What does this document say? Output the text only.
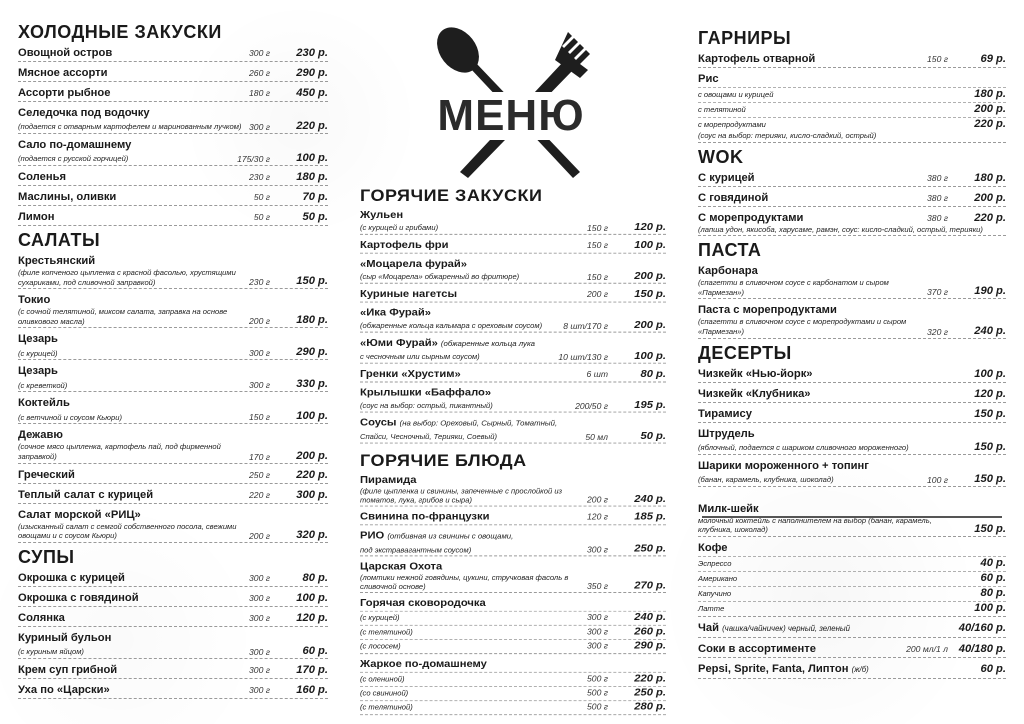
МЕНЮ
ХОЛОДНЫЕ ЗАКУСКИ
Овощной остров	300 г	230 р.
Мясное ассорти	260 г	290 р.
Ассорти рыбное	180 г	450 р.
Селедочка под водочку
(подается с отварным картофелем и маринованным лучком) 300 г	220 р.
Сало по-домашнему
(подается с русской горчицей)	175/30 г	100 р.
Соленья	230 г	180 р.
Маслины, оливки	50 г	70 р.
Лимон	50 г	50 р.
САЛАТЫ
Крестьянский
(филе копченого цыпленка с красной фасолью, хрустящими сухариками, под сливочной заправкой)	230 г	150 р.
Токио
(с сочной телятиной, миксом салата, заправка на основе оливкового масла)	200 г	180 р.
Цезарь
(с курицей)	300 г	290 р.
Цезарь
(с креветкой)	300 г	330 р.
Коктейль
(с ветчиной и соусом Кьюри)	150 г	100 р.
Дежавю
(сочное мясо цыпленка, картофель пай, под фирменной заправкой)	170 г	200 р.
Греческий	250 г	220 р.
Теплый салат с курицей	220 г	300 р.
Салат морской «РИЦ»
(изысканный салат с семгой собственного посола, свежими овощами и с соусом Кьюри)	200 г	320 р.
СУПЫ
Окрошка с курицей	300 г	80 р.
Окрошка с говядиной	300 г	100 р.
Солянка	300 г	120 р.
Куриный бульон
(с куриным яйцом)	300 г	60 р.
Крем суп грибной	300 г	170 р.
Уха по «Царски»	300 г	160 р.
ГОРЯЧИЕ ЗАКУСКИ
Жульен
(с курицей и грибами)	150 г	120 р.
Картофель фри	150 г	100 р.
«Моцарела фурай»
(сыр «Моцарела» обжаренный во фритюре)	150 г	200 р.
Куриные нагетсы	200 г	150 р.
«Ика Фурай»
(обжаренные кольца кальмара с ореховым соусом)	8 шт/170 г	200 р.
«Юми Фурай» (обжаренные кольца лука
с чесночным или сырным соусом)	10 шт/130 г	100 р.
Гренки «Хрустим»	6 шт	80 р.
Крылышки «Баффало»
(соус на выбор: острый, пикантный)	200/50 г	195 р.
Соусы (на выбор: Ореховый, Сырный, Томатный,
Спайси, Чесночный, Терияки, Соевый)	50 мл	50 р.
ГОРЯЧИЕ БЛЮДА
Пирамида
(филе цыпленка и свинины, запеченные с прослойкой из томатов, лука, грибов и сыра)	200 г	240 р.
Свинина по-французки	120 г	185 р.
РИО (отбивная из свинины с овощами,
под экстравагантным соусом)	300 г	250 р.
Царская Охота
(ломтики нежной говядины, цукини, стручковая фасоль в сливочной основе)	350 г	270 р.
Горячая сковородочка
(с курицей)	300 г	240 р.
(с телятиной)	300 г	260 р.
(с лососем)	300 г	290 р.
Жаркое по-домашнему
(с олениной)	500 г	220 р.
(со свининой)	500 г	250 р.
(с телятиной)	500 г	280 р.
ГАРНИРЫ
Картофель отварной	150 г	69 р.
Рис
с овощами и курицей	180 р.
с телятиной	200 р.
с морепродуктами	220 р.
(соус на выбор: терияки, кисло-сладкий, острый)
WOK
С курицей	380 г	180 р.
С говядиной	380 г	200 р.
С морепродуктами	380 г	220 р.
(лапша удон, якисоба, харусаме, рамэн, соус: кисло-сладкий, острый, терияки)
ПАСТА
Карбонара
(спагетти в сливочном соусе с карбонатом и сыром «Пармезан»)	370 г	190 р.
Паста с морепродуктами
(спагетти в сливочном соусе с морепродуктами и сыром «Пармезан»)	320 г	240 р.
ДЕСЕРТЫ
Чизкейк «Нью-йорк»	100 р.
Чизкейк «Клубника»	120 р.
Тирамису	150 р.
Штрудель
(яблочный, подается с шариком сливочного мороженного)	150 р.
Шарики мороженного + топинг
(банан, карамель, клубника, шоколад)	100 г	150 р.
Милк-шейк
молочный коктейль с наполнителем на выбор (банан, карамель, клубника, шоколад)	150 р.
Кофе
Эспрессо	40 р.
Американо	60 р.
Капучино	80 р.
Латте	100 р.
Чай (чашка/чайничек) черный, зеленый	40/160 р.
Соки в ассортименте	200 мл/1 л 40/180 р.
Pepsi, Sprite, Fanta, Липтон (ж/б)	60 р.
